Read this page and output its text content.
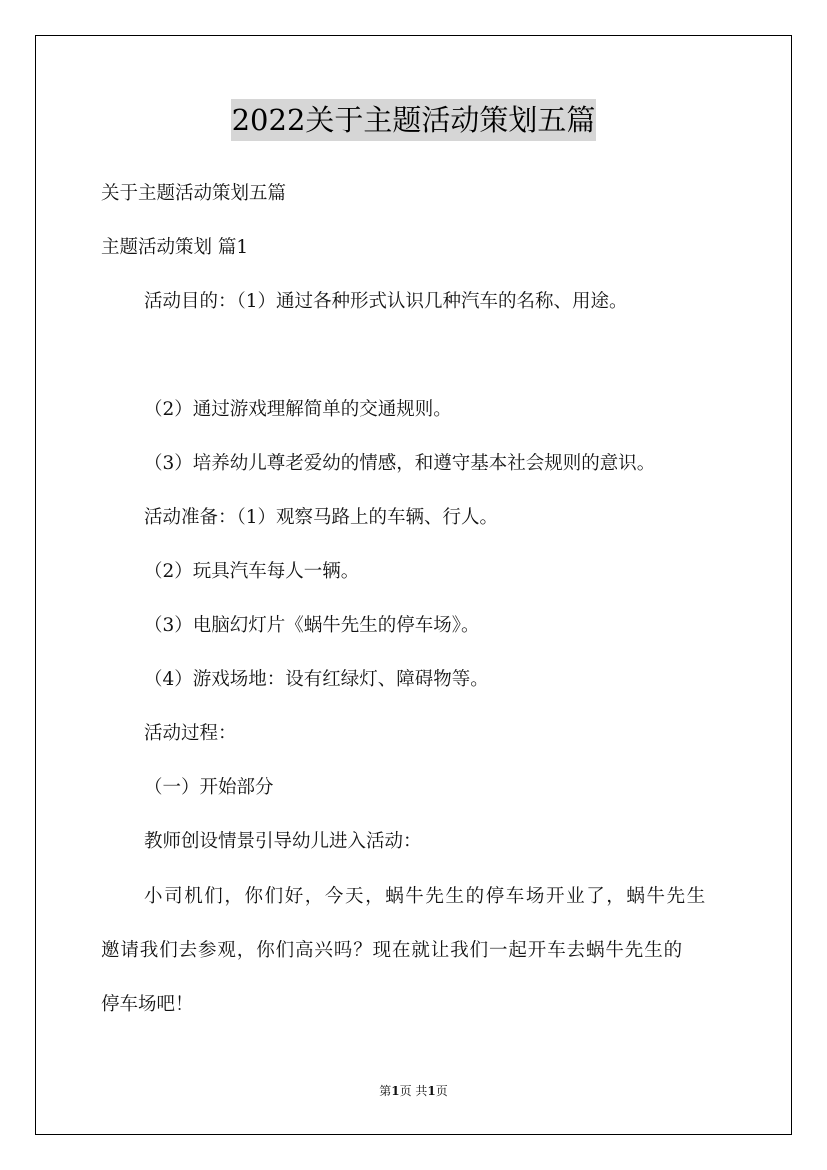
2022关于主题活动策划五篇
关于主题活动策划五篇
主题活动策划 篇1
活动目的：（1）通过各种形式认识几种汽车的名称、用途。
（2）通过游戏理解简单的交通规则。
（3）培养幼儿尊老爱幼的情感，和遵守基本社会规则的意识。
活动准备：（1）观察马路上的车辆、行人。
（2）玩具汽车每人一辆。
（3）电脑幻灯片《蜗牛先生的停车场》。
（4）游戏场地：设有红绿灯、障碍物等。
活动过程：
（一）开始部分
教师创设情景引导幼儿进入活动：
小司机们，你们好，今天，蜗牛先生的停车场开业了，蜗牛先生
邀请我们去参观，你们高兴吗？现在就让我们一起开车去蜗牛先生的
停车场吧！
第1页 共1页
